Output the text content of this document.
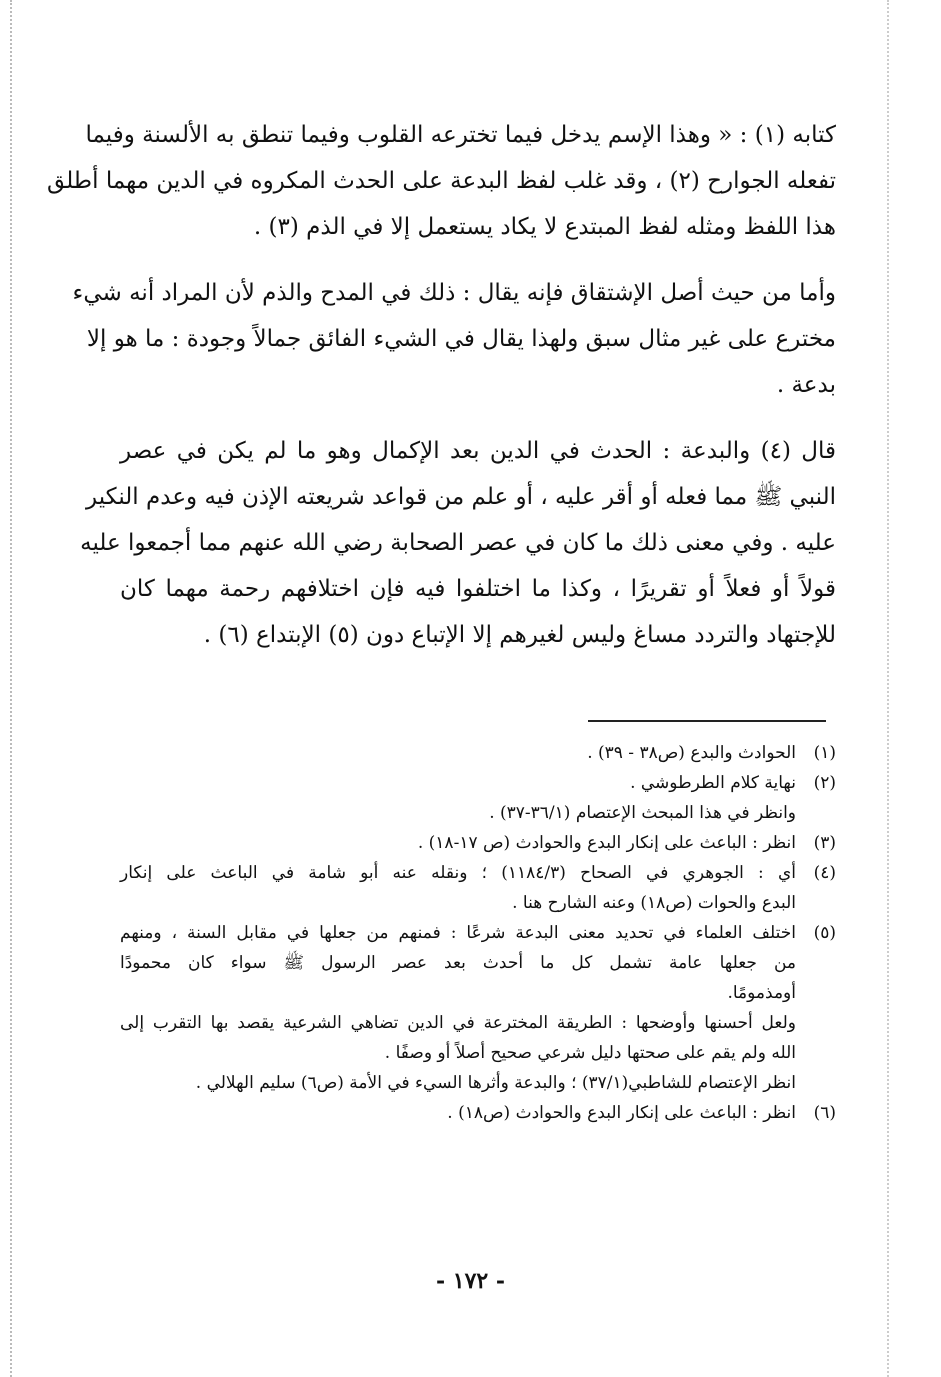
كتابه (١) : « وهذا الإسم يدخل فيما تخترعه القلوب وفيما تنطق به الألسنة وفيما
تفعله الجوارح (٢) ، وقد غلب لفظ البدعة على الحدث المكروه في الدين مهما أطلق
هذا اللفظ ومثله لفظ المبتدع لا يكاد يستعمل إلا في الذم (٣) .

وأما من حيث أصل الإشتقاق فإنه يقال : ذلك في المدح والذم لأن المراد أنه شيء
مخترع على غير مثال سبق ولهذا يقال في الشيء الفائق جمالاً وجودة : ما هو إلا
بدعة .

قال (٤) والبدعة : الحدث في الدين بعد الإكمال وهو ما لم يكن في عصر
النبي ﷺ مما فعله أو أقر عليه ، أو علم من قواعد شريعته الإذن فيه وعدم النكير
عليه . وفي معنى ذلك ما كان في عصر الصحابة رضي الله عنهم مما أجمعوا عليه
قولاً أو فعلاً أو تقريرًا ، وكذا ما اختلفوا فيه فإن اختلافهم رحمة مهما كان
للإجتهاد والتردد مساغ وليس لغيرهم إلا الإتباع دون (٥) الإبتداع (٦) .

(١)
الحوادث والبدع (ص٣٨ - ٣٩) .
(٢)
نهاية كلام الطرطوشي .
وانظر في هذا المبحث الإعتصام (٣٦/١-٣٧) .
(٣)
انظر : الباعث على إنكار البدع والحوادث (ص ١٧-١٨) .
(٤)
أي : الجوهري في الصحاح (١١٨٤/٣) ؛ ونقله عنه أبو شامة في الباعث على إنكار
البدع والحوات (ص١٨) وعنه الشارح هنا .
(٥)
اختلف العلماء في تحديد معنى البدعة شرعًا : فمنهم من جعلها في مقابل السنة ، ومنهم
من جعلها عامة تشمل كل ما أحدث بعد عصر الرسول ﷺ سواء كان محمودًا
أومذمومًا.
ولعل أحسنها وأوضحها : الطريقة المخترعة في الدين تضاهي الشرعية يقصد بها التقرب إلى
الله ولم يقم على صحتها دليل شرعي صحيح أصلاً أو وصفًا .
انظر الإعتصام للشاطبي(٣٧/١) ؛ والبدعة وأثرها السيء في الأمة (ص٦) سليم الهلالي .
(٦)
انظر : الباعث على إنكار البدع والحوادث (ص١٨) .
- ١٧٢ -
